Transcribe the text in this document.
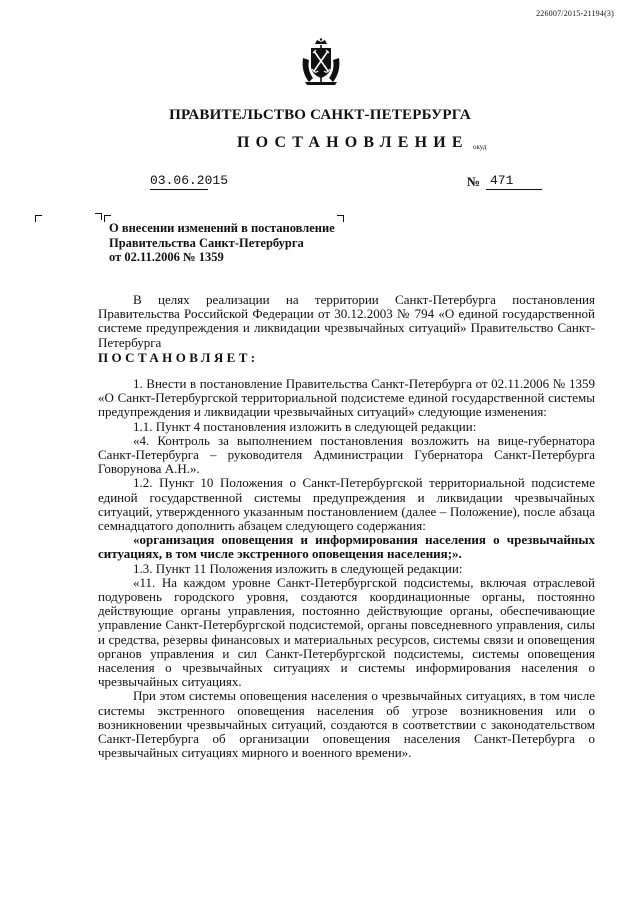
226007/2015-21194(3)
ПРАВИТЕЛЬСТВО САНКТ-ПЕТЕРБУРГА
ПОСТАНОВЛЕНИЕ окуд
03.06.2015	№ 471
О внесении изменений в постановление
Правительства Санкт-Петербурга
от 02.11.2006 № 1359

В целях реализации на территории Санкт-Петербурга постановления Правительства Российской Федерации от 30.12.2003 № 794 «О единой государственной системе предупреждения и ликвидации чрезвычайных ситуаций» Правительство Санкт-Петербурга

ПОСТАНОВЛЯЕТ:

1. Внести в постановление Правительства Санкт-Петербурга от 02.11.2006 № 1359 «О Санкт-Петербургской территориальной подсистеме единой государственной системы предупреждения и ликвидации чрезвычайных ситуаций» следующие изменения:

1.1. Пункт 4 постановления изложить в следующей редакции:

«4. Контроль за выполнением постановления возложить на вице-губернатора Санкт-Петербурга – руководителя Администрации Губернатора Санкт-Петербурга Говорунова А.Н.».

1.2. Пункт 10 Положения о Санкт-Петербургской территориальной подсистеме единой государственной системы предупреждения и ликвидации чрезвычайных ситуаций, утвержденного указанным постановлением (далее – Положение), после абзаца семнадцатого дополнить абзацем следующего содержания:

«организация оповещения и информирования населения о чрезвычайных ситуациях, в том числе экстренного оповещения населения;».

1.3. Пункт 11 Положения изложить в следующей редакции:

«11. На каждом уровне Санкт-Петербургской подсистемы, включая отраслевой подуровень городского уровня, создаются координационные органы, постоянно действующие органы управления, постоянно действующие органы, обеспечивающие управление Санкт-Петербургской подсистемой, органы повседневного управления, силы и средства, резервы финансовых и материальных ресурсов, системы связи и оповещения органов управления и сил Санкт-Петербургской подсистемы, системы оповещения населения о чрезвычайных ситуациях и системы информирования населения о чрезвычайных ситуациях.

При этом системы оповещения населения о чрезвычайных ситуациях, в том числе системы экстренного оповещения населения об угрозе возникновения или о возникновении чрезвычайных ситуаций, создаются в соответствии с законодательством Санкт-Петербурга об организации оповещения населения Санкт-Петербурга о чрезвычайных ситуациях мирного и военного времени».
